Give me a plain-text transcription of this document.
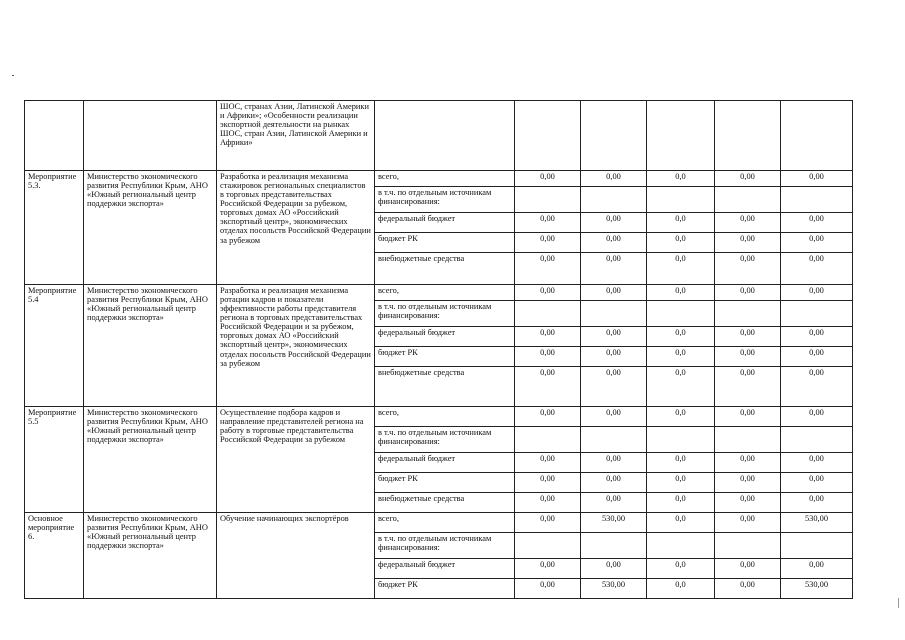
		ШОС, странах Азии, Латинской Америки и Африки»; «Особенности реализации экспортной деятельности на рынках ШОС, стран Азии, Латинской Америки и Африки»						
Мероприятие 5.3.	Министерство экономического развития Республики Крым, АНО «Южный региональный центр поддержки экспорта»	Разработка и реализация механизма стажировок региональных специалистов в торговых представительствах Российской Федерации за рубежом, торговых домах АО «Российский экспортный центр», экономических отделах посольств Российской Федерации за рубежом	всего,	0,00	0,00	0,0	0,00	0,00
			в т.ч. по отдельным источникам финансирования:					
			федеральный бюджет	0,00	0,00	0,0	0,00	0,00
			бюджет РК	0,00	0,00	0,0	0,00	0,00
			внебюджетные средства	0,00	0,00	0,0	0,00	0,00
Мероприятие 5.4	Министерство экономического развития Республики Крым, АНО «Южный региональный центр поддержки экспорта»	Разработка и реализация механизма ротации кадров и показатели эффективности работы представителя региона в торговых представительствах Российской Федерации и за рубежом, торговых домах АО «Российский экспортный центр», экономических отделах посольств Российской Федерации за рубежом	всего,	0,00	0,00	0,0	0,00	0,00
			в т.ч. по отдельным источникам финансирования:					
			федеральный бюджет	0,00	0,00	0,0	0,00	0,00
			бюджет РК	0,00	0,00	0,0	0,00	0,00
			внебюджетные средства	0,00	0,00	0,0	0,00	0,00
Мероприятие 5.5	Министерство экономического развития Республики Крым, АНО «Южный региональный центр поддержки экспорта»	Осуществление подбора кадров и направление представителей региона на работу в торговые представительства Российской Федерации за рубежом	всего,	0,00	0,00	0,0	0,00	0,00
			в т.ч. по отдельным источникам финансирования:					
			федеральный бюджет	0,00	0,00	0,0	0,00	0,00
			бюджет РК	0,00	0,00	0,0	0,00	0,00
			внебюджетные средства	0,00	0,00	0,0	0,00	0,00
Основное мероприятие 6.	Министерство экономического развития Республики Крым, АНО «Южный региональный центр поддержки экспорта»	Обучение начинающих экспортёров	всего,	0,00	530,00	0,0	0,00	530,00
			в т.ч. по отдельным источникам финансирования:					
			федеральный бюджет	0,00	0,00	0,0	0,00	0,00
			бюджет РК	0,00	530,00	0,0	0,00	530,00
